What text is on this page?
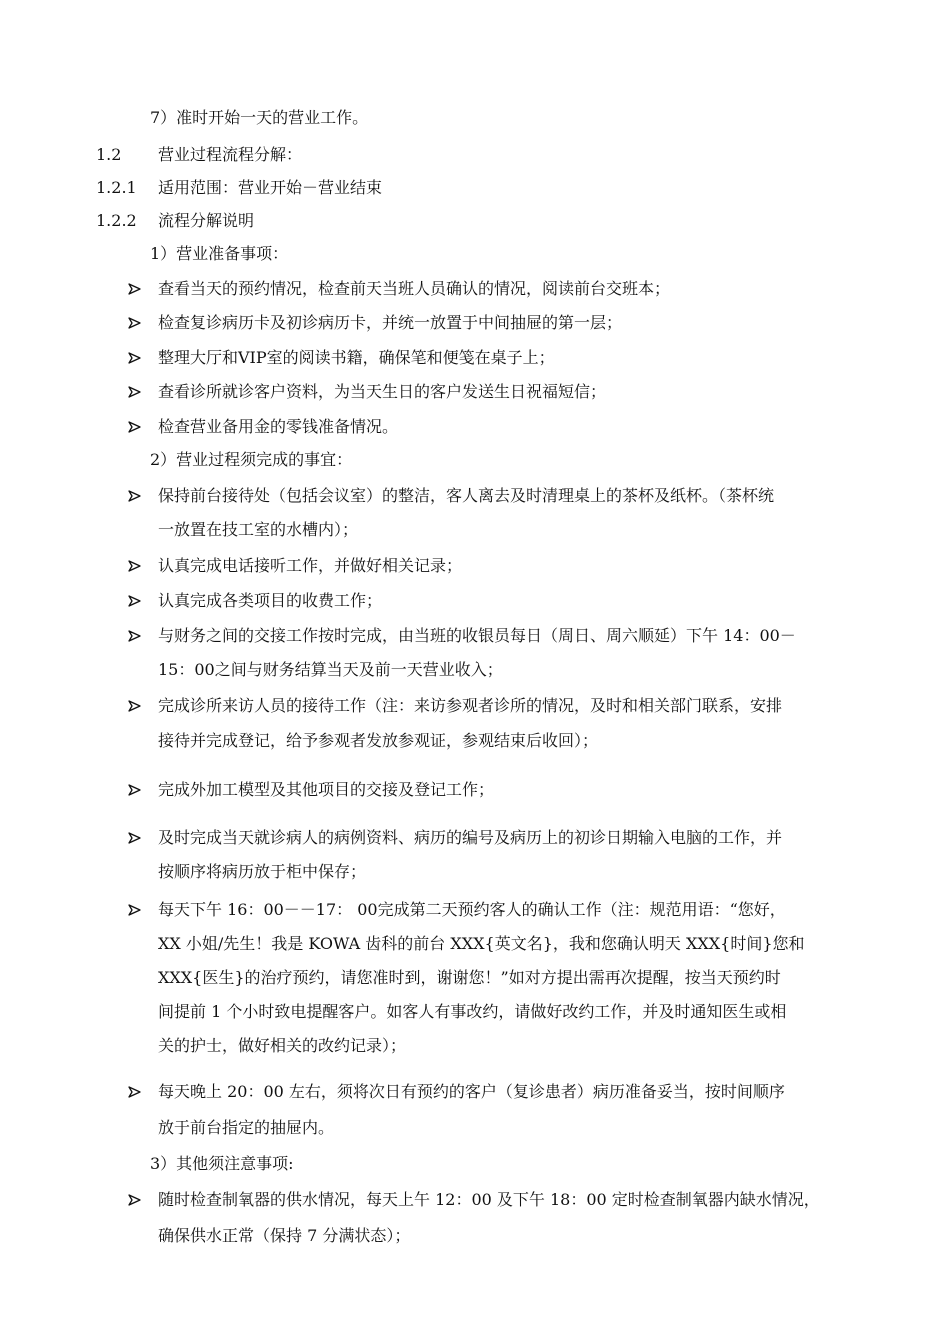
7）准时开始一天的营业工作。
1.2 营业过程流程分解：
1.2.1 适用范围：营业开始－营业结束
1.2.2 流程分解说明
1）营业准备事项：
查看当天的预约情况，检查前天当班人员确认的情况，阅读前台交班本；
检查复诊病历卡及初诊病历卡，并统一放置于中间抽屉的第一层；
整理大厅和VIP室的阅读书籍，确保笔和便笺在桌子上；
查看诊所就诊客户资料，为当天生日的客户发送生日祝福短信；
检查营业备用金的零钱准备情况。
2）营业过程须完成的事宜：
保持前台接待处（包括会议室）的整洁，客人离去及时清理桌上的茶杯及纸杯。（茶杯统
一放置在技工室的水槽内）；
认真完成电话接听工作，并做好相关记录；
认真完成各类项目的收费工作；
与财务之间的交接工作按时完成，由当班的收银员每日（周日、周六顺延）下午 14：00－
15：00之间与财务结算当天及前一天营业收入；
完成诊所来访人员的接待工作（注：来访参观者诊所的情况，及时和相关部门联系，安排
接待并完成登记，给予参观者发放参观证，参观结束后收回）；
完成外加工模型及其他项目的交接及登记工作；
及时完成当天就诊病人的病例资料、病历的编号及病历上的初诊日期输入电脑的工作，并
按顺序将病历放于柜中保存；
每天下午 16：00－－17： 00完成第二天预约客人的确认工作（注：规范用语：“您好，
XX 小姐/先生！我是 KOWA 齿科的前台 XXX{英文名}，我和您确认明天 XXX{时间}您和
XXX{医生}的治疗预约，请您准时到，谢谢您！”如对方提出需再次提醒，按当天预约时
间提前 1 个小时致电提醒客户。如客人有事改约，请做好改约工作，并及时通知医生或相
关的护士，做好相关的改约记录）；
每天晚上 20：00 左右，须将次日有预约的客户（复诊患者）病历准备妥当，按时间顺序
放于前台指定的抽屉内。
3）其他须注意事项:
随时检查制氧器的供水情况，每天上午 12：00 及下午 18：00 定时检查制氧器内缺水情况，
确保供水正常（保持 7 分满状态）；
